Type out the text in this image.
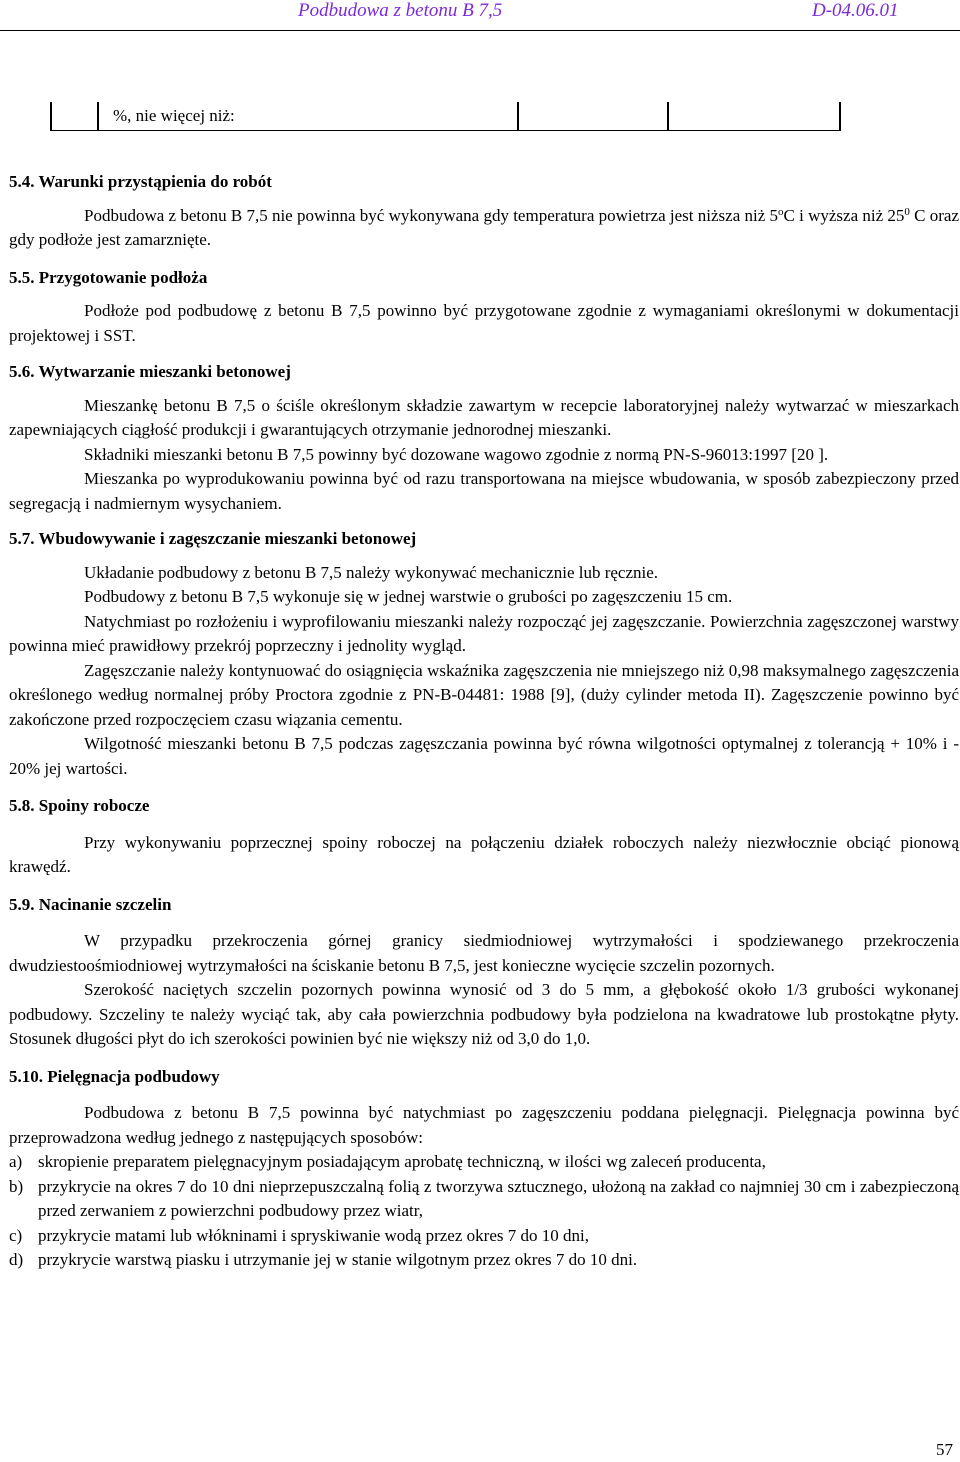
Podbudowa z betonu B 7,5	D-04.06.01
%, nie więcej niż:

5.4. Warunki przystąpienia do robót

Podbudowa z betonu B 7,5 nie powinna być wykonywana gdy temperatura powietrza jest niższa niż 5$^o$C i wyższa niż $25^0$ C oraz gdy podłoże jest zamarznięte.

5.5. Przygotowanie podłoża

Podłoże pod podbudowę z betonu B 7,5 powinno być przygotowane zgodnie z wymaganiami określonymi w dokumentacji projektowej i SST.

5.6. Wytwarzanie mieszanki betonowej

Mieszankę betonu B 7,5 o ściśle określonym składzie zawartym w recepcie laboratoryjnej należy wytwarzać w mieszarkach zapewniających ciągłość produkcji i gwarantujących otrzymanie jednorodnej mieszanki.

Składniki mieszanki betonu B 7,5 powinny być dozowane wagowo zgodnie z normą PN-S-96013:1997 [20 ].

Mieszanka po wyprodukowaniu powinna być od razu transportowana na miejsce wbudowania, w sposób zabezpieczony przed segregacją i nadmiernym wysychaniem.

5.7. Wbudowywanie i zagęszczanie mieszanki betonowej

Układanie podbudowy z betonu B 7,5 należy wykonywać mechanicznie lub ręcznie.

Podbudowy z betonu B 7,5 wykonuje się w jednej warstwie o grubości po zagęszczeniu 15 cm.

Natychmiast po rozłożeniu i wyprofilowaniu mieszanki należy rozpocząć jej zagęszczanie. Powierzchnia zagęszczonej warstwy powinna mieć prawidłowy przekrój poprzeczny i jednolity wygląd.

Zagęszczanie należy kontynuować do osiągnięcia wskaźnika zagęszczenia nie mniejszego niż 0,98 maksymalnego zagęszczenia określonego według normalnej próby Proctora zgodnie z PN-B-04481: 1988 [9], (duży cylinder metoda II). Zagęszczenie powinno być zakończone przed rozpoczęciem czasu wiązania cementu.

Wilgotność mieszanki betonu B 7,5 podczas zagęszczania powinna być równa wilgotności optymalnej z tolerancją + 10% i - 20% jej wartości.

5.8. Spoiny robocze

Przy wykonywaniu poprzecznej spoiny roboczej na połączeniu działek roboczych należy niezwłocznie obciąć pionową krawędź.

5.9. Nacinanie szczelin

W przypadku przekroczenia górnej granicy siedmiodniowej wytrzymałości i spodziewanego przekroczenia dwudziestoośmiodniowej wytrzymałości na ściskanie betonu B 7,5, jest konieczne wycięcie szczelin pozornych.

Szerokość naciętych szczelin pozornych powinna wynosić od 3 do 5 mm, a głębokość około 1/3 grubości wykonanej podbudowy. Szczeliny te należy wyciąć tak, aby cała powierzchnia podbudowy była podzielona na kwadratowe lub prostokątne płyty. Stosunek długości płyt do ich szerokości powinien być nie większy niż od 3,0 do 1,0.

5.10. Pielęgnacja podbudowy

Podbudowa z betonu B 7,5 powinna być natychmiast po zagęszczeniu poddana pielęgnacji. Pielęgnacja powinna być przeprowadzona według jednego z następujących sposobów:

a) skropienie preparatem pielęgnacyjnym posiadającym aprobatę techniczną, w ilości wg zaleceń producenta,
b) przykrycie na okres 7 do 10 dni nieprzepuszczalną folią z tworzywa sztucznego, ułożoną na zakład co najmniej 30 cm i zabezpieczoną przed zerwaniem z powierzchni podbudowy przez wiatr,
c) przykrycie matami lub włókninami i spryskiwanie wodą przez okres 7 do 10 dni,
d) przykrycie warstwą piasku i utrzymanie jej w stanie wilgotnym przez okres 7 do 10 dni.
57
